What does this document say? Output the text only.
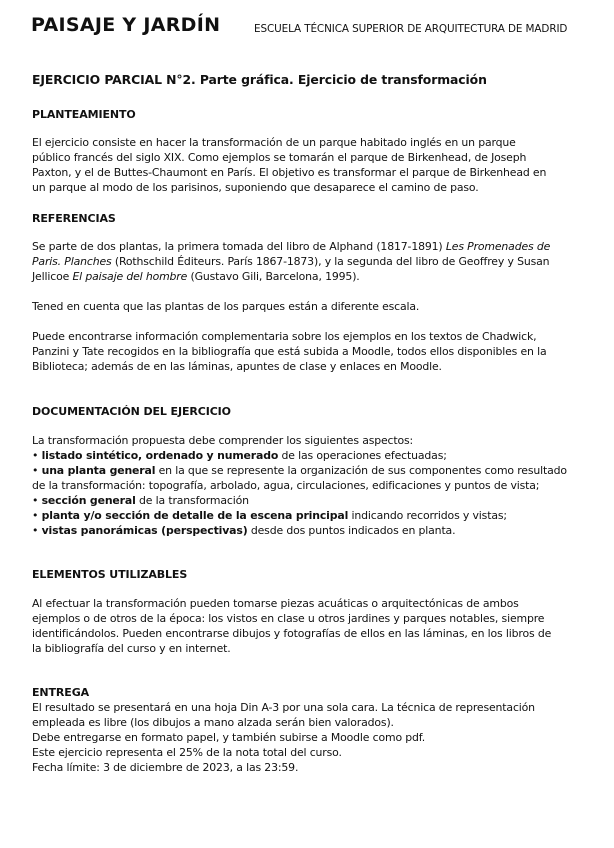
PAISAJE Y JARDÍN	ESCUELA TÉCNICA SUPERIOR DE ARQUITECTURA DE MADRID
EJERCICIO PARCIAL N°2. Parte gráfica. Ejercicio de transformación
PLANTEAMIENTO
El ejercicio consiste en hacer la transformación de un parque habitado inglés en un parque
público francés del siglo XIX. Como ejemplos se tomarán el parque de Birkenhead, de Joseph
Paxton, y el de Buttes-Chaumont en París. El objetivo es transformar el parque de Birkenhead en
un parque al modo de los parisinos, suponiendo que desaparece el camino de paso.
REFERENCIAS
Se parte de dos plantas, la primera tomada del libro de Alphand (1817-1891) Les Promenades de
Paris. Planches (Rothschild Éditeurs. París 1867-1873), y la segunda del libro de Geoffrey y Susan
Jellicoe El paisaje del hombre (Gustavo Gili, Barcelona, 1995).
Tened en cuenta que las plantas de los parques están a diferente escala.
Puede encontrarse información complementaria sobre los ejemplos en los textos de Chadwick,
Panzini y Tate recogidos en la bibliografía que está subida a Moodle, todos ellos disponibles en la
Biblioteca; además de en las láminas, apuntes de clase y enlaces en Moodle.
DOCUMENTACIÓN DEL EJERCICIO
La transformación propuesta debe comprender los siguientes aspectos:
• listado sintético, ordenado y numerado de las operaciones efectuadas;
• una planta general en la que se represente la organización de sus componentes como resultado
de la transformación: topografía, arbolado, agua, circulaciones, edificaciones y puntos de vista;
• sección general de la transformación
• planta y/o sección de detalle de la escena principal indicando recorridos y vistas;
• vistas panorámicas (perspectivas) desde dos puntos indicados en planta.
ELEMENTOS UTILIZABLES
Al efectuar la transformación pueden tomarse piezas acuáticas o arquitectónicas de ambos
ejemplos o de otros de la época: los vistos en clase u otros jardines y parques notables, siempre
identificándolos. Pueden encontrarse dibujos y fotografías de ellos en las láminas, en los libros de
la bibliografía del curso y en internet.
ENTREGA
El resultado se presentará en una hoja Din A-3 por una sola cara. La técnica de representación
empleada es libre (los dibujos a mano alzada serán bien valorados).
Debe entregarse en formato papel, y también subirse a Moodle como pdf.
Este ejercicio representa el 25% de la nota total del curso.
Fecha límite: 3 de diciembre de 2023, a las 23:59.
